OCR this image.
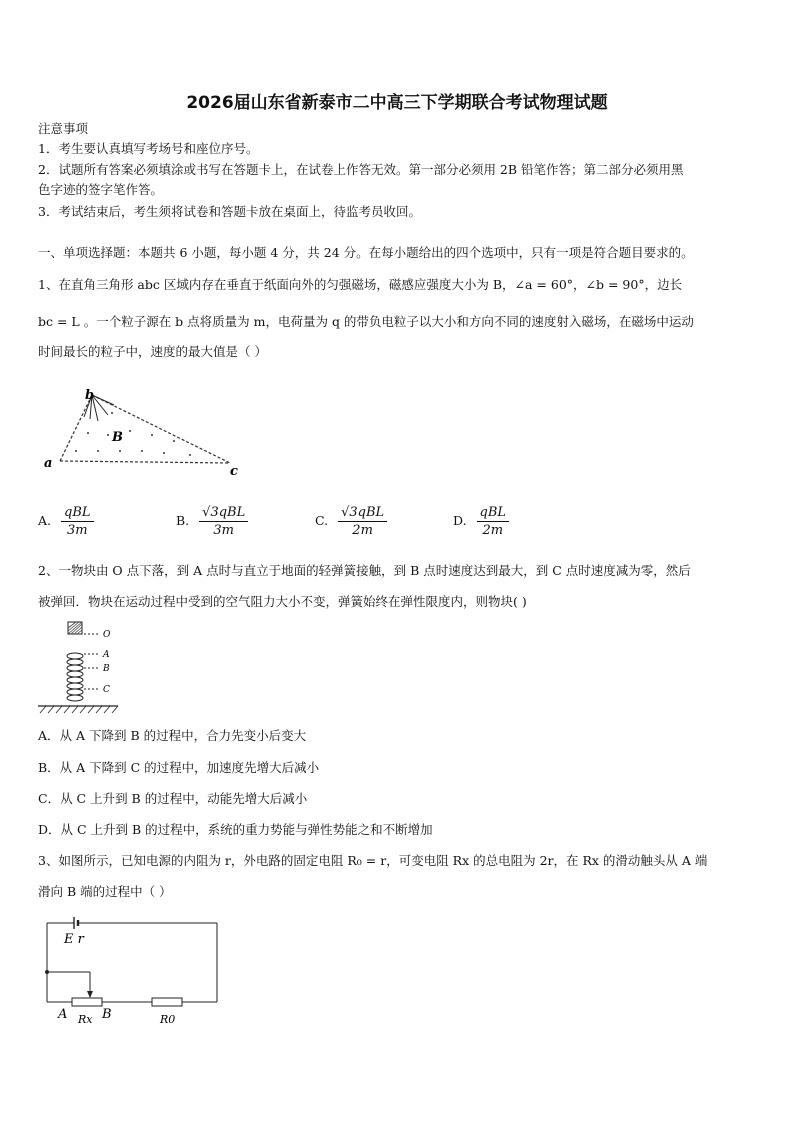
2026届山东省新泰市二中高三下学期联合考试物理试题
注意事项
1．考生要认真填写考场号和座位序号。
2．试题所有答案必须填涂或书写在答题卡上，在试卷上作答无效。第一部分必须用 2B 铅笔作答；第二部分必须用黑
色字迹的签字笔作答。
3．考试结束后，考生须将试卷和答题卡放在桌面上，待监考员收回。
一、单项选择题：本题共 6 小题，每小题 4 分，共 24 分。在每小题给出的四个选项中，只有一项是符合题目要求的。
1、在直角三角形 abc 区域内存在垂直于纸面向外的匀强磁场，磁感应强度大小为 B，∠a = 60°，∠b = 90°，边长
bc = L 。一个粒子源在 b 点将质量为 m，电荷量为 q 的带负电粒子以大小和方向不同的速度射入磁场，在磁场中运动
时间最长的粒子中，速度的最大值是（ ）
b
B
a
c
A. $\frac{\text{qBL}}{3m}$	B. $\frac{\text{√3qBL}}{3m}$	C. $\frac{\text{√3qBL}}{2m}$	D. $\frac{\text{qBL}}{2m}$
2、一物块由 O 点下落，到 A 点时与直立于地面的轻弹簧接触，到 B 点时速度达到最大，到 C 点时速度减为零，然后
被弹回．物块在运动过程中受到的空气阻力大小不变，弹簧始终在弹性限度内，则物块( )
O
A
B
C
A．从 A 下降到 B 的过程中，合力先变小后变大
B．从 A 下降到 C 的过程中，加速度先增大后减小
C．从 C 上升到 B 的过程中，动能先增大后减小
D．从 C 上升到 B 的过程中，系统的重力势能与弹性势能之和不断增加
3、如图所示，已知电源的内阻为 r，外电路的固定电阻 R₀ = r，可变电阻 Rx 的总电阻为 2r，在 Rx 的滑动触头从 A 端
滑向 B 端的过程中（ ）
E r
A Rx B	R0
